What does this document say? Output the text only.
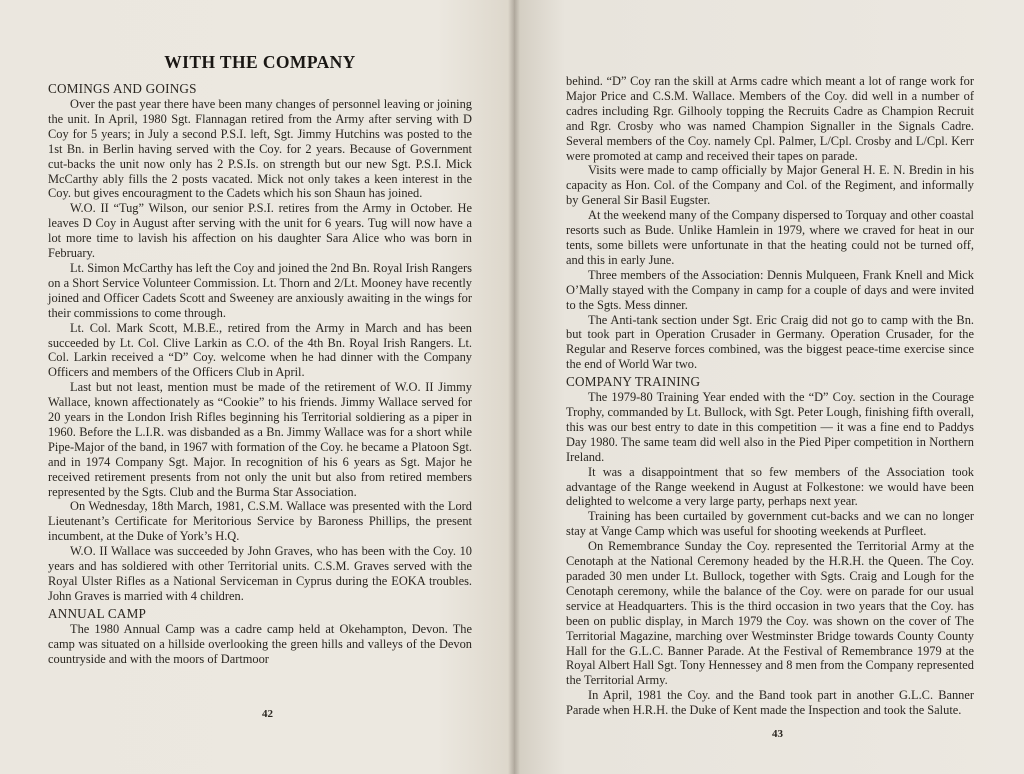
WITH THE COMPANY
COMINGS AND GOINGS

Over the past year there have been many changes of personnel leaving or joining the unit. In April, 1980 Sgt. Flannagan retired from the Army after serving with D Coy for 5 years; in July a second P.S.I. left, Sgt. Jimmy Hutchins was posted to the 1st Bn. in Berlin having served with the Coy. for 2 years. Because of Government cut-backs the unit now only has 2 P.S.Is. on strength but our new Sgt. P.S.I. Mick McCarthy ably fills the 2 posts vacated. Mick not only takes a keen interest in the Coy. but gives encouragment to the Cadets which his son Shaun has joined.

W.O. II “Tug” Wilson, our senior P.S.I. retires from the Army in October. He leaves D Coy in August after serving with the unit for 6 years. Tug will now have a lot more time to lavish his affection on his daughter Sara Alice who was born in February.

Lt. Simon McCarthy has left the Coy and joined the 2nd Bn. Royal Irish Rangers on a Short Service Volunteer Commission. Lt. Thorn and 2/Lt. Mooney have recently joined and Officer Cadets Scott and Sweeney are anxiously awaiting in the wings for their commissions to come through.

Lt. Col. Mark Scott, M.B.E., retired from the Army in March and has been succeeded by Lt. Col. Clive Larkin as C.O. of the 4th Bn. Royal Irish Rangers. Lt. Col. Larkin received a “D” Coy. welcome when he had dinner with the Company Officers and members of the Officers Club in April.

Last but not least, mention must be made of the retirement of W.O. II Jimmy Wallace, known affectionately as “Cookie” to his friends. Jimmy Wallace served for 20 years in the London Irish Rifles beginning his Territorial soldiering as a piper in 1960. Before the L.I.R. was disbanded as a Bn. Jimmy Wallace was for a short while Pipe-Major of the band, in 1967 with formation of the Coy. he became a Platoon Sgt. and in 1974 Company Sgt. Major. In recognition of his 6 years as Sgt. Major he received retirement presents from not only the unit but also from retired members represented by the Sgts. Club and the Burma Star Association.

On Wednesday, 18th March, 1981, C.S.M. Wallace was presented with the Lord Lieutenant’s Certificate for Meritorious Service by Baroness Phillips, the present incumbent, at the Duke of York’s H.Q.

W.O. II Wallace was succeeded by John Graves, who has been with the Coy. 10 years and has soldiered with other Territorial units. C.S.M. Graves served with the Royal Ulster Rifles as a National Serviceman in Cyprus during the EOKA troubles. John Graves is married with 4 children.

ANNUAL CAMP

The 1980 Annual Camp was a cadre camp held at Okehampton, Devon. The camp was situated on a hillside overlooking the green hills and valleys of the Devon countryside and with the moors of Dartmoor

42

behind. “D” Coy ran the skill at Arms cadre which meant a lot of range work for Major Price and C.S.M. Wallace. Members of the Coy. did well in a number of cadres including Rgr. Gilhooly topping the Recruits Cadre as Champion Recruit and Rgr. Crosby who was named Champion Signaller in the Signals Cadre. Several members of the Coy. namely Cpl. Palmer, L/Cpl. Crosby and L/Cpl. Kerr were promoted at camp and received their tapes on parade.

Visits were made to camp officially by Major General H. E. N. Bredin in his capacity as Hon. Col. of the Company and Col. of the Regiment, and informally by General Sir Basil Eugster.

At the weekend many of the Company dispersed to Torquay and other coastal resorts such as Bude. Unlike Hamlein in 1979, where we craved for heat in our tents, some billets were unfortunate in that the heating could not be turned off, and this in early June.

Three members of the Association: Dennis Mulqueen, Frank Knell and Mick O’Mally stayed with the Company in camp for a couple of days and were invited to the Sgts. Mess dinner.

The Anti-tank section under Sgt. Eric Craig did not go to camp with the Bn. but took part in Operation Crusader in Germany. Operation Crusader, for the Regular and Reserve forces combined, was the biggest peace-time exercise since the end of World War two.

COMPANY TRAINING

The 1979-80 Training Year ended with the “D” Coy. section in the Courage Trophy, commanded by Lt. Bullock, with Sgt. Peter Lough, finishing fifth overall, this was our best entry to date in this competition — it was a fine end to Paddys Day 1980. The same team did well also in the Pied Piper competition in Northern Ireland.

It was a disappointment that so few members of the Association took advantage of the Range weekend in August at Folkestone: we would have been delighted to welcome a very large party, perhaps next year.

Training has been curtailed by government cut-backs and we can no longer stay at Vange Camp which was useful for shooting weekends at Purfleet.

On Remembrance Sunday the Coy. represented the Territorial Army at the Cenotaph at the National Ceremony headed by the H.R.H. the Queen. The Coy. paraded 30 men under Lt. Bullock, together with Sgts. Craig and Lough for the Cenotaph ceremony, while the balance of the Coy. were on parade for our usual service at Headquarters. This is the third occasion in two years that the Coy. has been on public display, in March 1979 the Coy. was shown on the cover of The Territorial Magazine, marching over Westminster Bridge towards County County Hall for the G.L.C. Banner Parade. At the Festival of Remembrance 1979 at the Royal Albert Hall Sgt. Tony Hennessey and 8 men from the Company represented the Territorial Army.

In April, 1981 the Coy. and the Band took part in another G.L.C. Banner Parade when H.R.H. the Duke of Kent made the Inspection and took the Salute.

43
